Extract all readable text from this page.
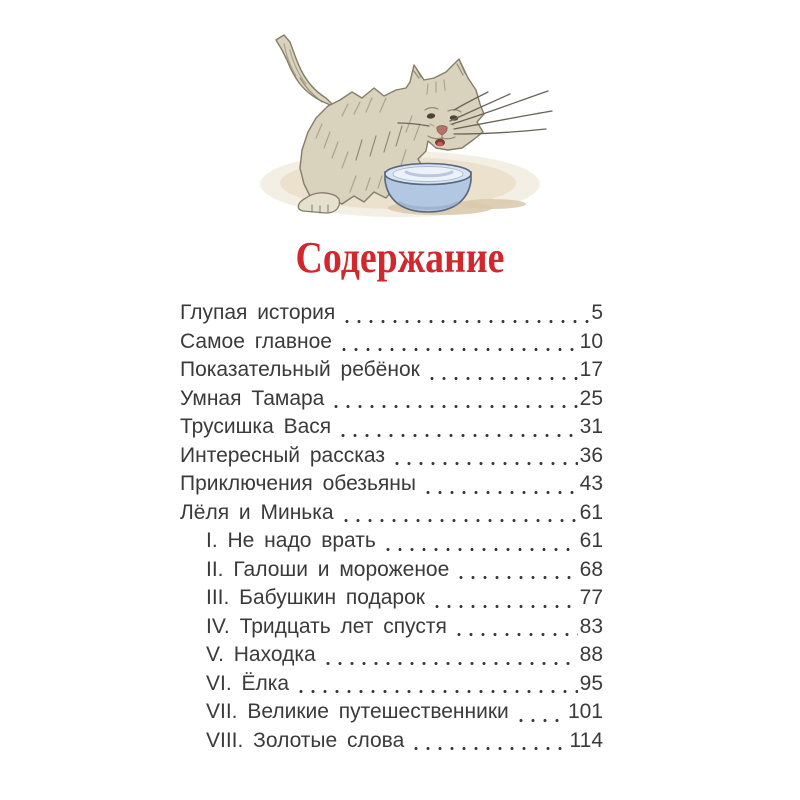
Содержание
Глупая история	5
Самое главное	10
Показательный ребёнок	17
Умная Тамара	25
Трусишка Вася	31
Интересный рассказ	36
Приключения обезьяны	43
Лёля и Минька	61
I. Не надо врать	61
II. Галоши и мороженое	68
III. Бабушкин подарок	77
IV. Тридцать лет спустя	83
V. Находка	88
VI. Ёлка	95
VII. Великие путешественники	101
VIII. Золотые слова	114
